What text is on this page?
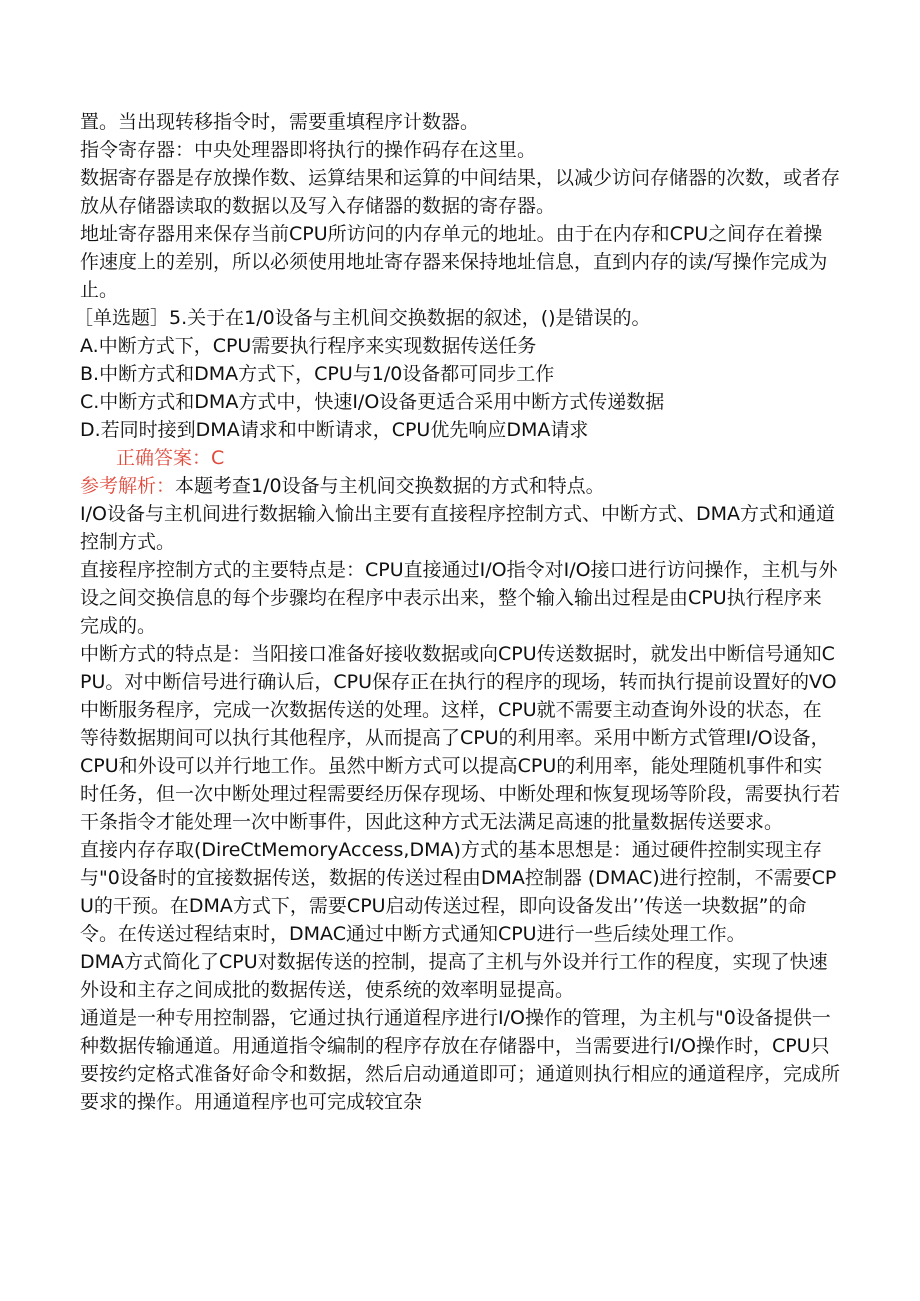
置。当出现转移指令时，需要重填程序计数器。

指令寄存器：中央处理器即将执行的操作码存在这里。

数据寄存器是存放操作数、运算结果和运算的中间结果，以减少访问存储器的次数，或者存放从存储器读取的数据以及写入存储器的数据的寄存器。

地址寄存器用来保存当前CPU所访问的内存单元的地址。由于在内存和CPU之间存在着操作速度上的差别，所以必须使用地址寄存器来保持地址信息，直到内存的读/写操作完成为止。

［单选题］5.关于在1/0设备与主机间交换数据的叙述，()是错误的。

A.中断方式下，CPU需要执行程序来实现数据传送任务

B.中断方式和DMA方式下，CPU与1/0设备都可同步工作

C.中断方式和DMA方式中，快速I/O设备更适合采用中断方式传递数据

D.若同时接到DMA请求和中断请求，CPU优先响应DMA请求

正确答案：C

参考解析：本题考查1/0设备与主机间交换数据的方式和特点。

I/O设备与主机间进行数据输入愉出主要有直接程序控制方式、中断方式、DMA方式和通道控制方式。

直接程序控制方式的主要特点是：CPU直接通过I/O指令对I/O接口进行访问操作，主机与外设之间交换信息的每个步骤均在程序中表示出来，整个输入输出过程是由CPU执行程序来完成的。

中断方式的特点是：当阳接口准备好接收数据或向CPU传送数据时，就发出中断信号通知CPU。对中断信号进行确认后，CPU保存正在执行的程序的现场，转而执行提前设置好的VO中断服务程序，完成一次数据传送的处理。这样，CPU就不需要主动查询外设的状态，在等待数据期间可以执行其他程序，从而提高了CPU的利用率。采用中断方式管理I/O设备，CPU和外设可以并行地工作。虽然中断方式可以提高CPU的利用率，能处理随机事件和实时任务，但一次中断处理过程需要经历保存现场、中断处理和恢复现场等阶段，需要执行若干条指令才能处理一次中断事件，因此这种方式无法满足高速的批量数据传送要求。

直接内存存取(DireCtMemoryAccess,DMA)方式的基本思想是：通过硬件控制实现主存与"0设备时的宜接数据传送，数据的传送过程由DMA控制器 (DMAC)进行控制，不需要CPU的干预。在DMA方式下，需要CPU启动传送过程，即向设备发出’’传送一块数据”的命令。在传送过程结束时，DMAC通过中断方式通知CPU进行一些后续处理工作。

DMA方式简化了CPU对数据传送的控制，提高了主机与外设并行工作的程度，实现了快速外设和主存之间成批的数据传送，使系统的效率明显提高。

通道是一种专用控制器，它通过执行通道程序进行I/O操作的管理，为主机与"0设备提供一种数据传输通道。用通道指令编制的程序存放在存储器中，当需要进行I/O操作时，CPU只要按约定格式准备好命令和数据，然后启动通道即可；通道则执行相应的通道程序，完成所要求的操作。用通道程序也可完成较宜杂
